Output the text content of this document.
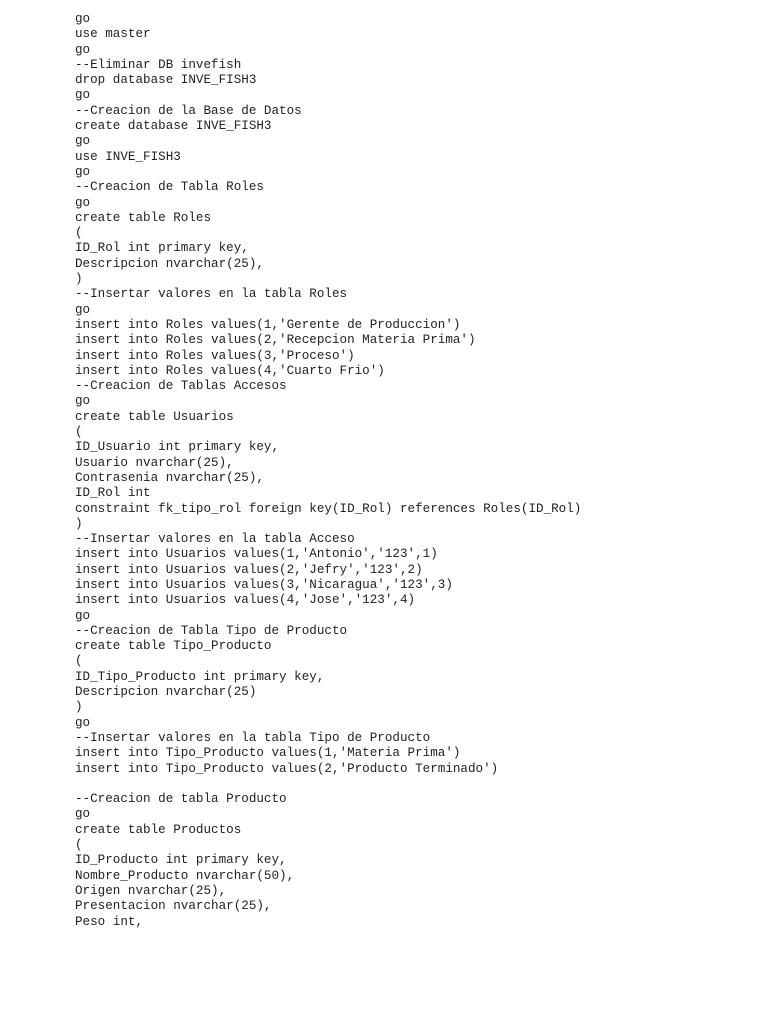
go
use master
go
--Eliminar DB invefish
drop database INVE_FISH3
go
--Creacion de la Base de Datos
create database INVE_FISH3
go
use INVE_FISH3
go
--Creacion de Tabla Roles
go
create table Roles
(
ID_Rol int primary key,
Descripcion nvarchar(25),
)
--Insertar valores en la tabla Roles
go
insert into Roles values(1,'Gerente de Produccion')
insert into Roles values(2,'Recepcion Materia Prima')
insert into Roles values(3,'Proceso')
insert into Roles values(4,'Cuarto Frio')
--Creacion de Tablas Accesos
go
create table Usuarios
(
ID_Usuario int primary key,
Usuario nvarchar(25),
Contrasenia nvarchar(25),
ID_Rol int
constraint fk_tipo_rol foreign key(ID_Rol) references Roles(ID_Rol)
)
--Insertar valores en la tabla Acceso
insert into Usuarios values(1,'Antonio','123',1)
insert into Usuarios values(2,'Jefry','123',2)
insert into Usuarios values(3,'Nicaragua','123',3)
insert into Usuarios values(4,'Jose','123',4)
go
--Creacion de Tabla Tipo de Producto
create table Tipo_Producto
(
ID_Tipo_Producto int primary key,
Descripcion nvarchar(25)
)
go
--Insertar valores en la tabla Tipo de Producto
insert into Tipo_Producto values(1,'Materia Prima')
insert into Tipo_Producto values(2,'Producto Terminado')
--Creacion de tabla Producto
go
create table Productos
(
ID_Producto int primary key,
Nombre_Producto nvarchar(50),
Origen nvarchar(25),
Presentacion nvarchar(25),
Peso int,
